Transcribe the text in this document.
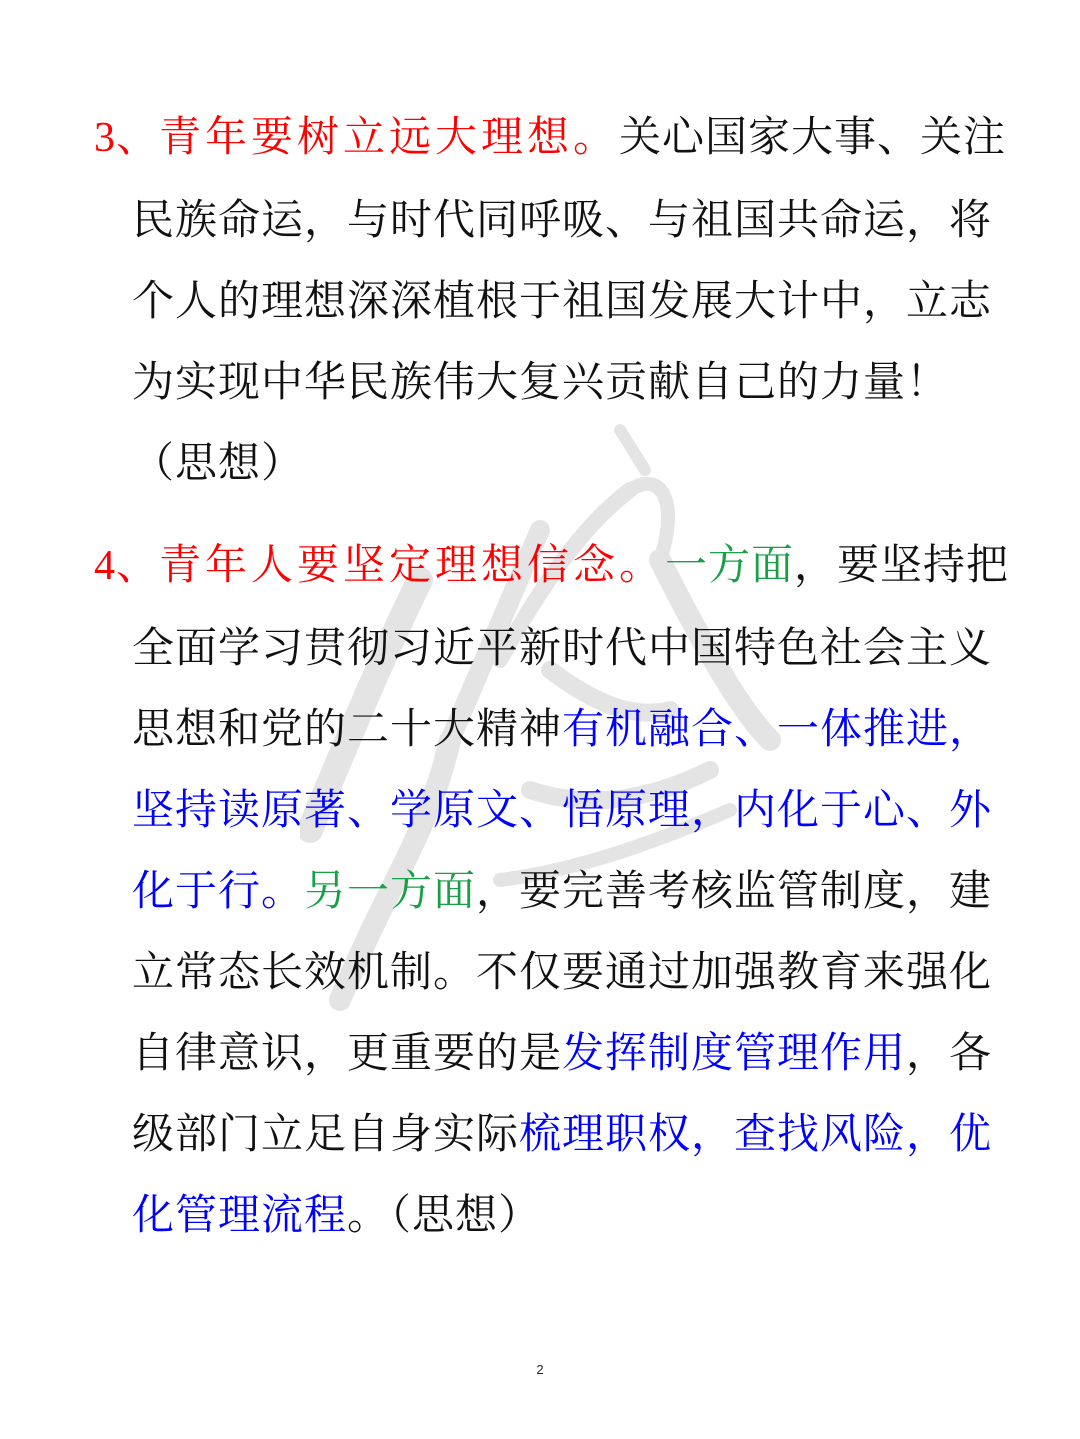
3、青年要树立远大理想。关心国家大事、关注民族命运，与时代同呼吸、与祖国共命运，将个人的理想深深植根于祖国发展大计中，立志为实现中华民族伟大复兴贡献自己的力量！（思想）

4、青年人要坚定理想信念。一方面，要坚持把全面学习贯彻习近平新时代中国特色社会主义思想和党的二十大精神有机融合、一体推进，坚持读原著、学原文、悟原理，内化于心、外化于行。另一方面，要完善考核监管制度，建立常态长效机制。不仅要通过加强教育来强化自律意识，更重要的是发挥制度管理作用，各级部门立足自身实际梳理职权，查找风险，优化管理流程。（思想）

2
